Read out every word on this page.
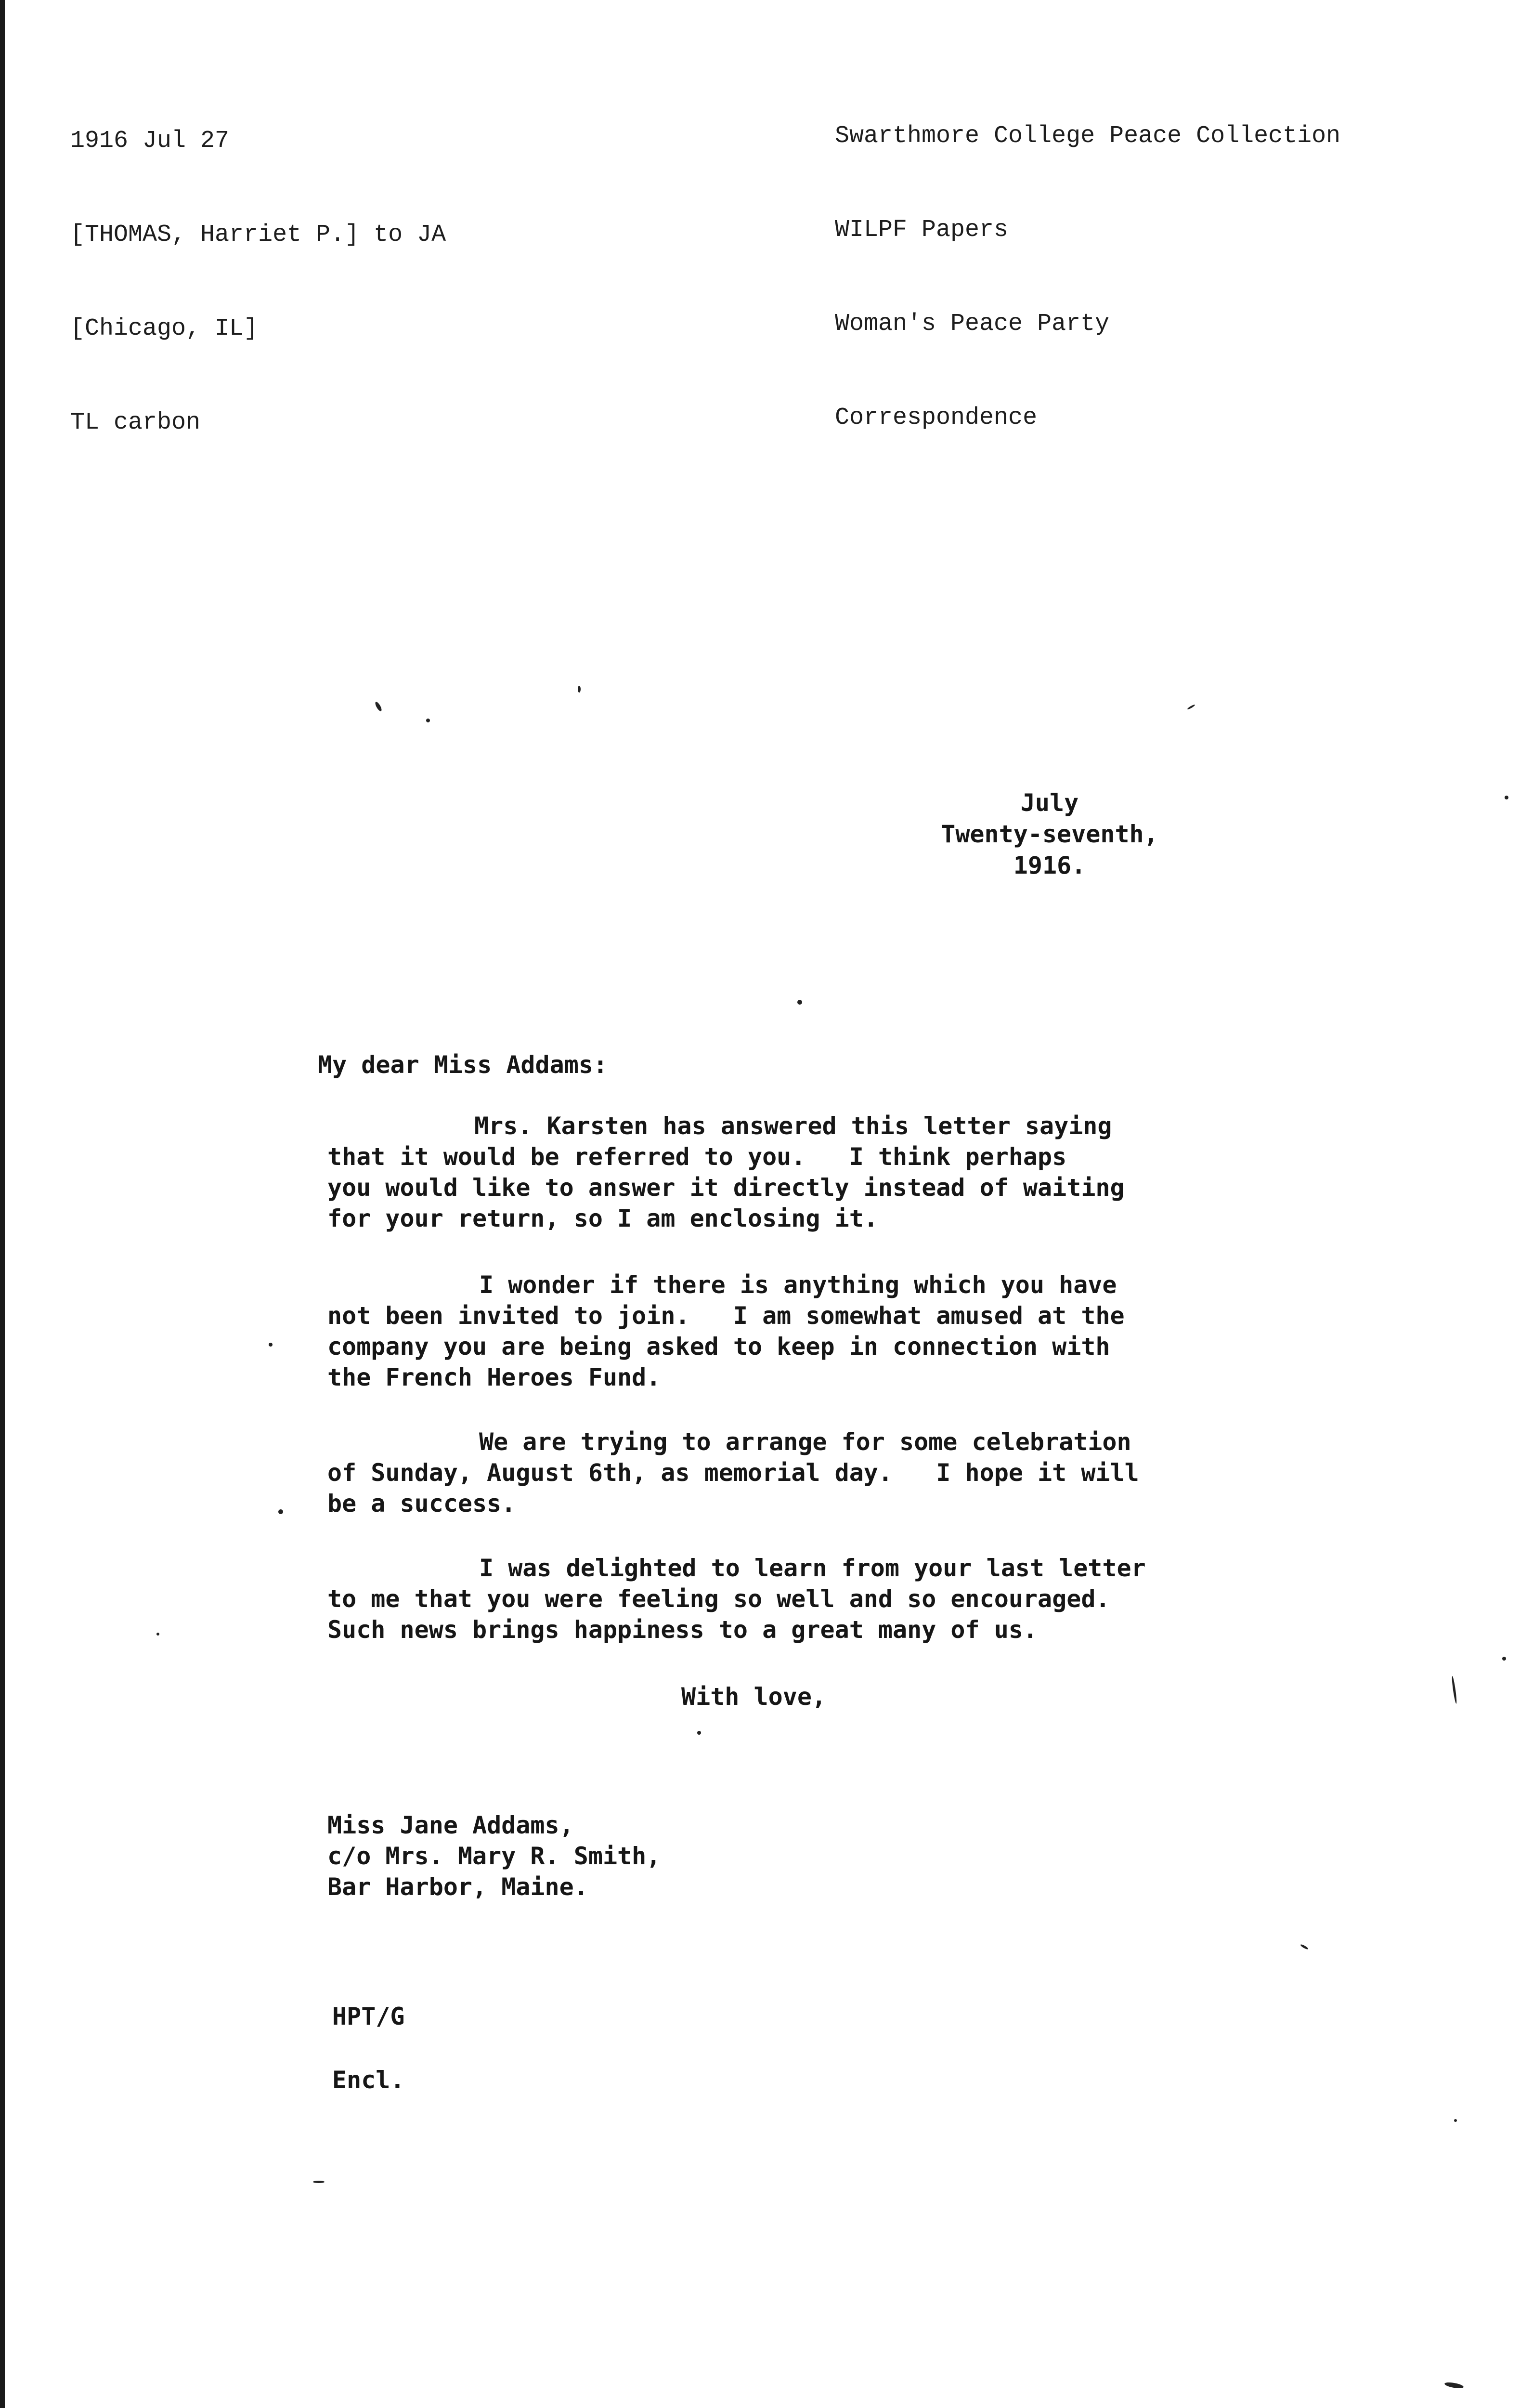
1916 Jul 27

[THOMAS, Harriet P.] to JA

[Chicago, IL]

TL carbon

Swarthmore College Peace Collection

WILPF Papers

Woman's Peace Party

Correspondence

July
Twenty-seventh,
1916.
My dear Miss Addams:
Mrs. Karsten has answered this letter saying
that it would be referred to you.   I think perhaps
you would like to answer it directly instead of waiting
for your return, so I am enclosing it.
I wonder if there is anything which you have
not been invited to join.   I am somewhat amused at the
company you are being asked to keep in connection with
the French Heroes Fund.
We are trying to arrange for some celebration
of Sunday, August 6th, as memorial day.   I hope it will
be a success.
I was delighted to learn from your last letter
to me that you were feeling so well and so encouraged.
Such news brings happiness to a great many of us.
With love,
Miss Jane Addams,
c/o Mrs. Mary R. Smith,
Bar Harbor, Maine.
HPT/G
Encl.
